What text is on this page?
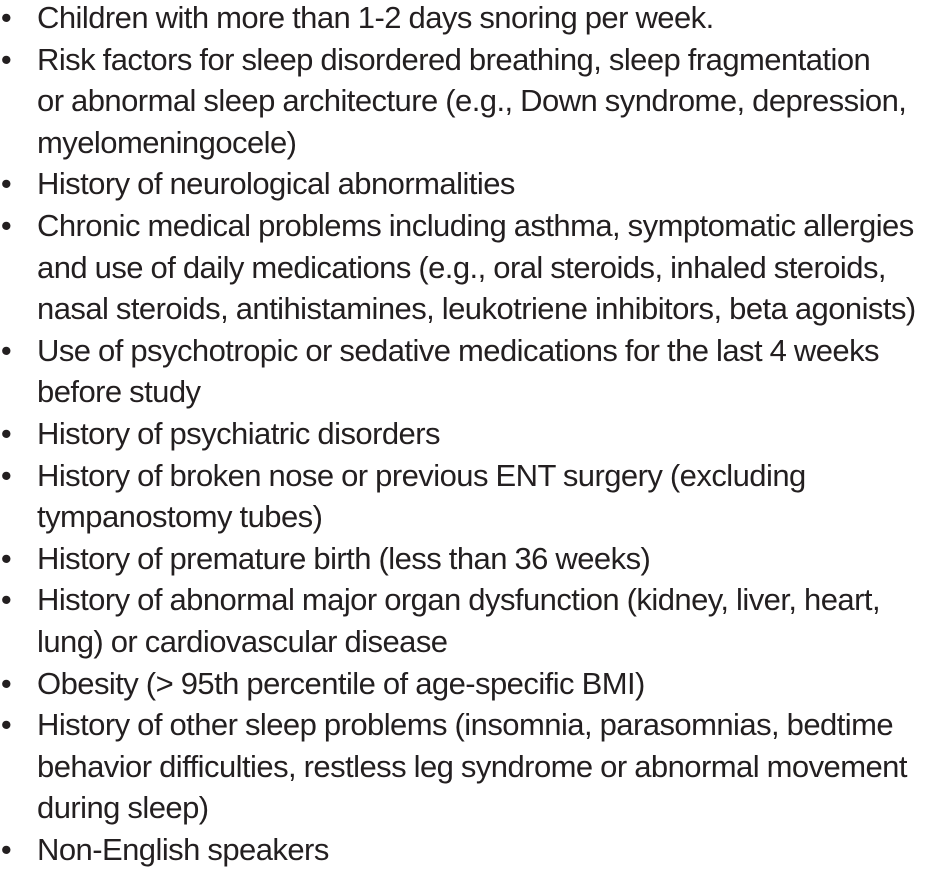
• Children with more than 1-2 days snoring per week.
• Risk factors for sleep disordered breathing, sleep fragmentation
or abnormal sleep architecture (e.g., Down syndrome, depression,
myelomeningocele)
• History of neurological abnormalities
• Chronic medical problems including asthma, symptomatic allergies
and use of daily medications (e.g., oral steroids, inhaled steroids,
nasal steroids, antihistamines, leukotriene inhibitors, beta agonists)
• Use of psychotropic or sedative medications for the last 4 weeks
before study
• History of psychiatric disorders
• History of broken nose or previous ENT surgery (excluding
tympanostomy tubes)
• History of premature birth (less than 36 weeks)
• History of abnormal major organ dysfunction (kidney, liver, heart,
lung) or cardiovascular disease
• Obesity (> 95th percentile of age-specific BMI)
• History of other sleep problems (insomnia, parasomnias, bedtime
behavior difficulties, restless leg syndrome or abnormal movement
during sleep)
• Non-English speakers
